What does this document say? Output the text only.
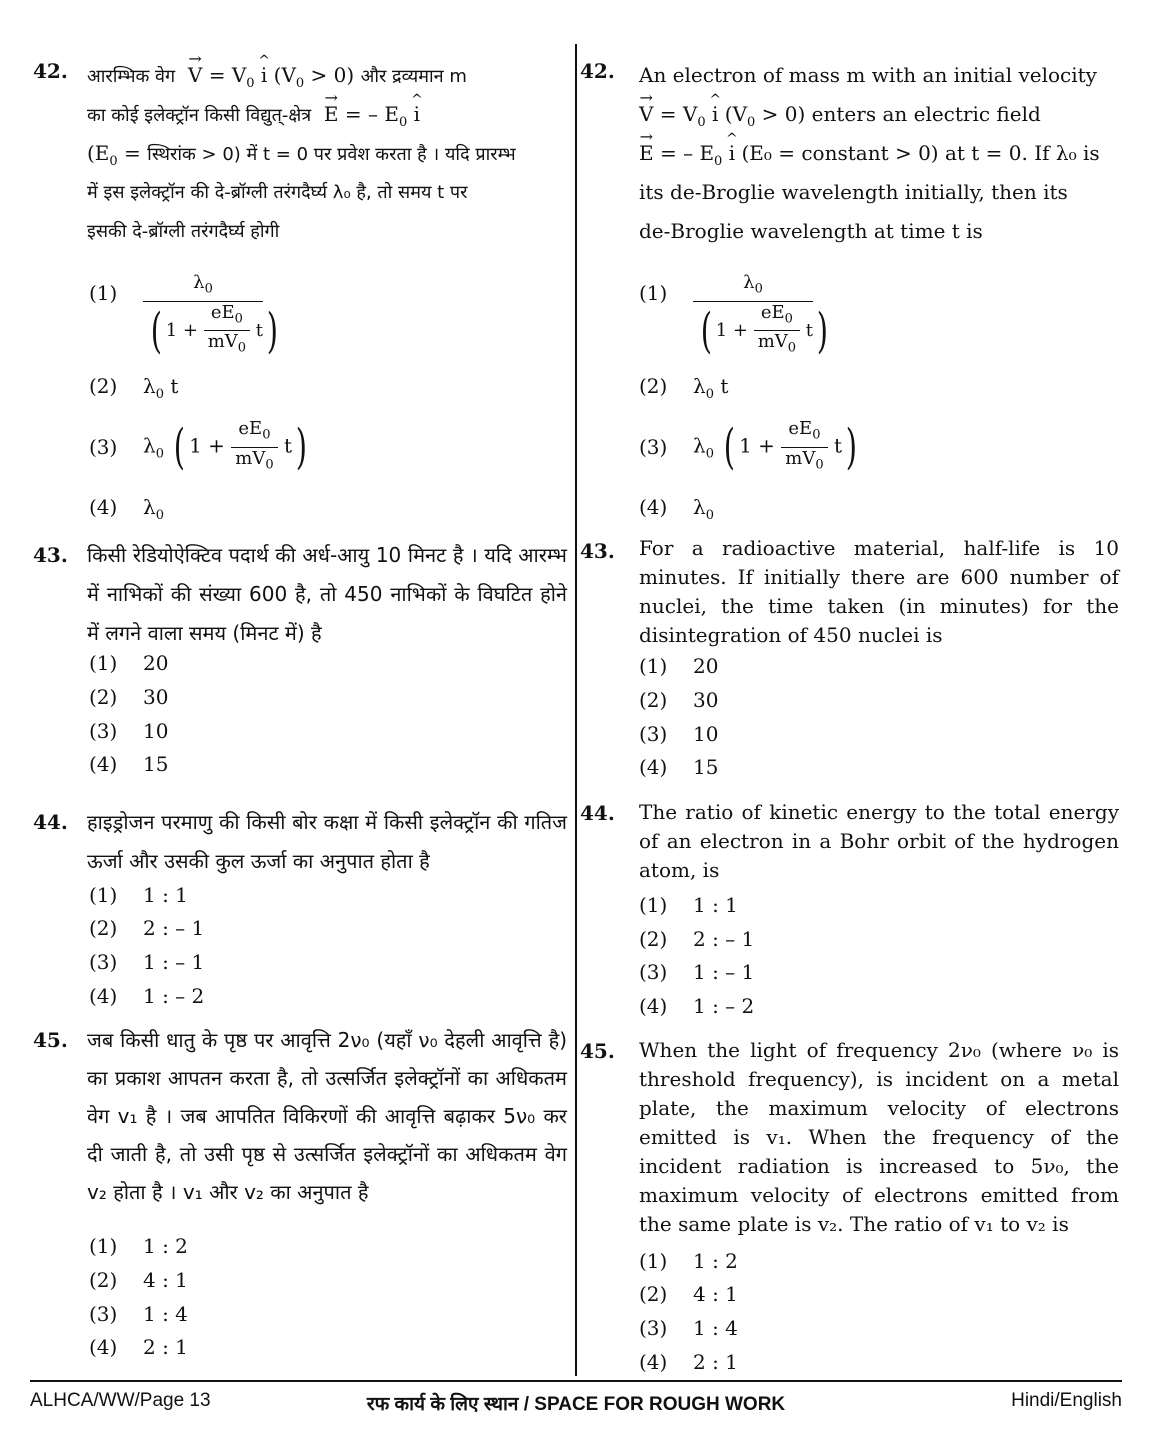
42. आरम्भिक वेग → $V = V_0$ ^ i $(V_0 > 0)$ और द्रव्यमान m
का कोई इलेक्ट्रॉन किसी विद्युत्-क्षेत्र → E = – $E_0$ ^ i
($E_0$ = स्थिरांक > 0) में t = 0 पर प्रवेश करता है । यदि प्रारम्भ
में इस इलेक्ट्रॉन की दे-ब्रॉग्ली तरंगदैर्घ्य λ₀ है, तो समय t पर
इसकी दे-ब्रॉग्ली तरंगदैर्घ्य होगी
(1)	$\frac{\lambda_0}{( 1 + \frac{eE_0}{mV_0} t)}$
(2)	$\lambda_0$ t
(3)	$\lambda_0$ ( $1 + \frac{eE_0}{mV_0} t$)
(4)	$\lambda_0$
43. किसी रेडियोऐक्टिव पदार्थ की अर्ध-आयु 10 मिनट है । यदि आरम्भ में नाभिकों की संख्या 600 है, तो 450 नाभिकों के विघटित होने में लगने वाला समय (मिनट में) है
(1)	20
(2)	30
(3)	10
(4)	15
44. हाइड्रोजन परमाणु की किसी बोर कक्षा में किसी इलेक्ट्रॉन की गतिज ऊर्जा और उसकी कुल ऊर्जा का अनुपात होता है
(1)	1 : 1
(2)	2 : – 1
(3)	1 : – 1
(4)	1 : – 2
45. जब किसी धातु के पृष्ठ पर आवृत्ति 2ν₀ (यहाँ ν₀ देहली आवृत्ति है) का प्रकाश आपतन करता है, तो उत्सर्जित इलेक्ट्रॉनों का अधिकतम वेग v₁ है । जब आपतित विकिरणों की आवृत्ति बढ़ाकर 5ν₀ कर दी जाती है, तो उसी पृष्ठ से उत्सर्जित इलेक्ट्रॉनों का अधिकतम वेग v₂ होता है । v₁ और v₂ का अनुपात है
(1)	1 : 2
(2)	4 : 1
(3)	1 : 4
(4)	2 : 1
42. An electron of mass m with an initial velocity
→ $V = V_0$ ^ i $(V_0 > 0)$ enters an electric field
→ E = – $E_0$ ^ i (E₀ = constant > 0) at t = 0. If λ₀ is
its de-Broglie wavelength initially, then its
de-Broglie wavelength at time t is
(1)	$\frac{\lambda_0}{( 1 + \frac{eE_0}{mV_0} t)}$
(2)	$\lambda_0$ t
(3)	$\lambda_0$ ( $1 + \frac{eE_0}{mV_0} t$)
(4)	$\lambda_0$
43. For a radioactive material, half-life is 10 minutes. If initially there are 600 number of nuclei, the time taken (in minutes) for the disintegration of 450 nuclei is
(1)	20
(2)	30
(3)	10
(4)	15
44. The ratio of kinetic energy to the total energy of an electron in a Bohr orbit of the hydrogen atom, is
(1)	1 : 1
(2)	2 : – 1
(3)	1 : – 1
(4)	1 : – 2
45. When the light of frequency 2ν₀ (where ν₀ is threshold frequency), is incident on a metal plate, the maximum velocity of electrons emitted is v₁. When the frequency of the incident radiation is increased to 5ν₀, the maximum velocity of electrons emitted from the same plate is v₂. The ratio of v₁ to v₂ is
(1)	1 : 2
(2)	4 : 1
(3)	1 : 4
(4)	2 : 1
ALHCA/WW/Page 13	रफ कार्य के लिए स्थान / SPACE FOR ROUGH WORK	Hindi/English
